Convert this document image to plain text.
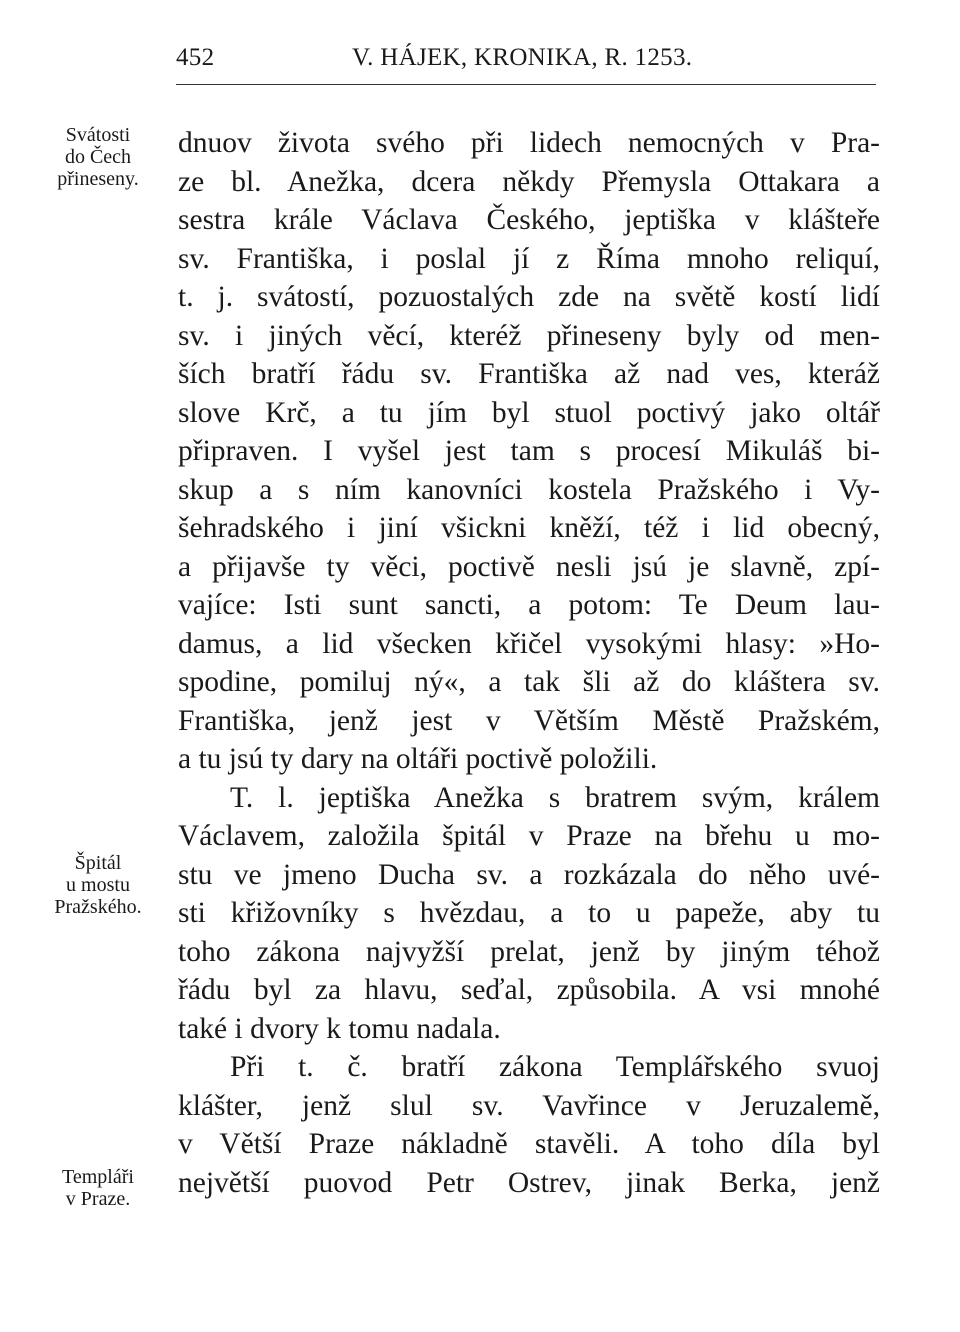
452	V. HÁJEK, KRONIKA, R. 1253.
Svátosti
do Čech
přineseny.
Špitál
u mostu
Pražského.
Templáři
v Praze.

dnuov života svého při lidech nemocných v Pra-
ze bl. Anežka, dcera někdy Přemysla Ottakara a
sestra krále Václava Českého, jeptiška v klášteře
sv. Františka, i poslal jí z Říma mnoho reliquí,
t. j. svátostí, pozuostalých zde na světě kostí lidí
sv. i jiných věcí, kteréž přineseny byly od men-
ších bratří řádu sv. Františka až nad ves, kteráž
slove Krč, a tu jím byl stuol poctivý jako oltář
připraven. I vyšel jest tam s procesí Mikuláš bi-
skup a s ním kanovníci kostela Pražského i Vy-
šehradského i jiní všickni kněží, též i lid obecný,
a přijavše ty věci, poctivě nesli jsú je slavně, zpí-
vajíce: Isti sunt sancti, a potom: Te Deum lau-
damus, a lid všecken křičel vysokými hlasy: »Ho-
spodine, pomiluj ný«, a tak šli až do kláštera sv.
Františka, jenž jest v Větším Městě Pražském,
a tu jsú ty dary na oltáři poctivě položili.

T. l. jeptiška Anežka s bratrem svým, králem
Václavem, založila špitál v Praze na břehu u mo-
stu ve jmeno Ducha sv. a rozkázala do něho uvé-
sti křižovníky s hvězdau, a to u papeže, aby tu
toho zákona najvyžší prelat, jenž by jiným téhož
řádu byl za hlavu, seďal, způsobila. A vsi mnohé
také i dvory k tomu nadala.

Při t. č. bratří zákona Templářského svuoj
klášter, jenž slul sv. Vavřince v Jeruzalemě,
v Větší Praze nákladně stavěli. A toho díla byl
největší puovod Petr Ostrev, jinak Berka, jenž
